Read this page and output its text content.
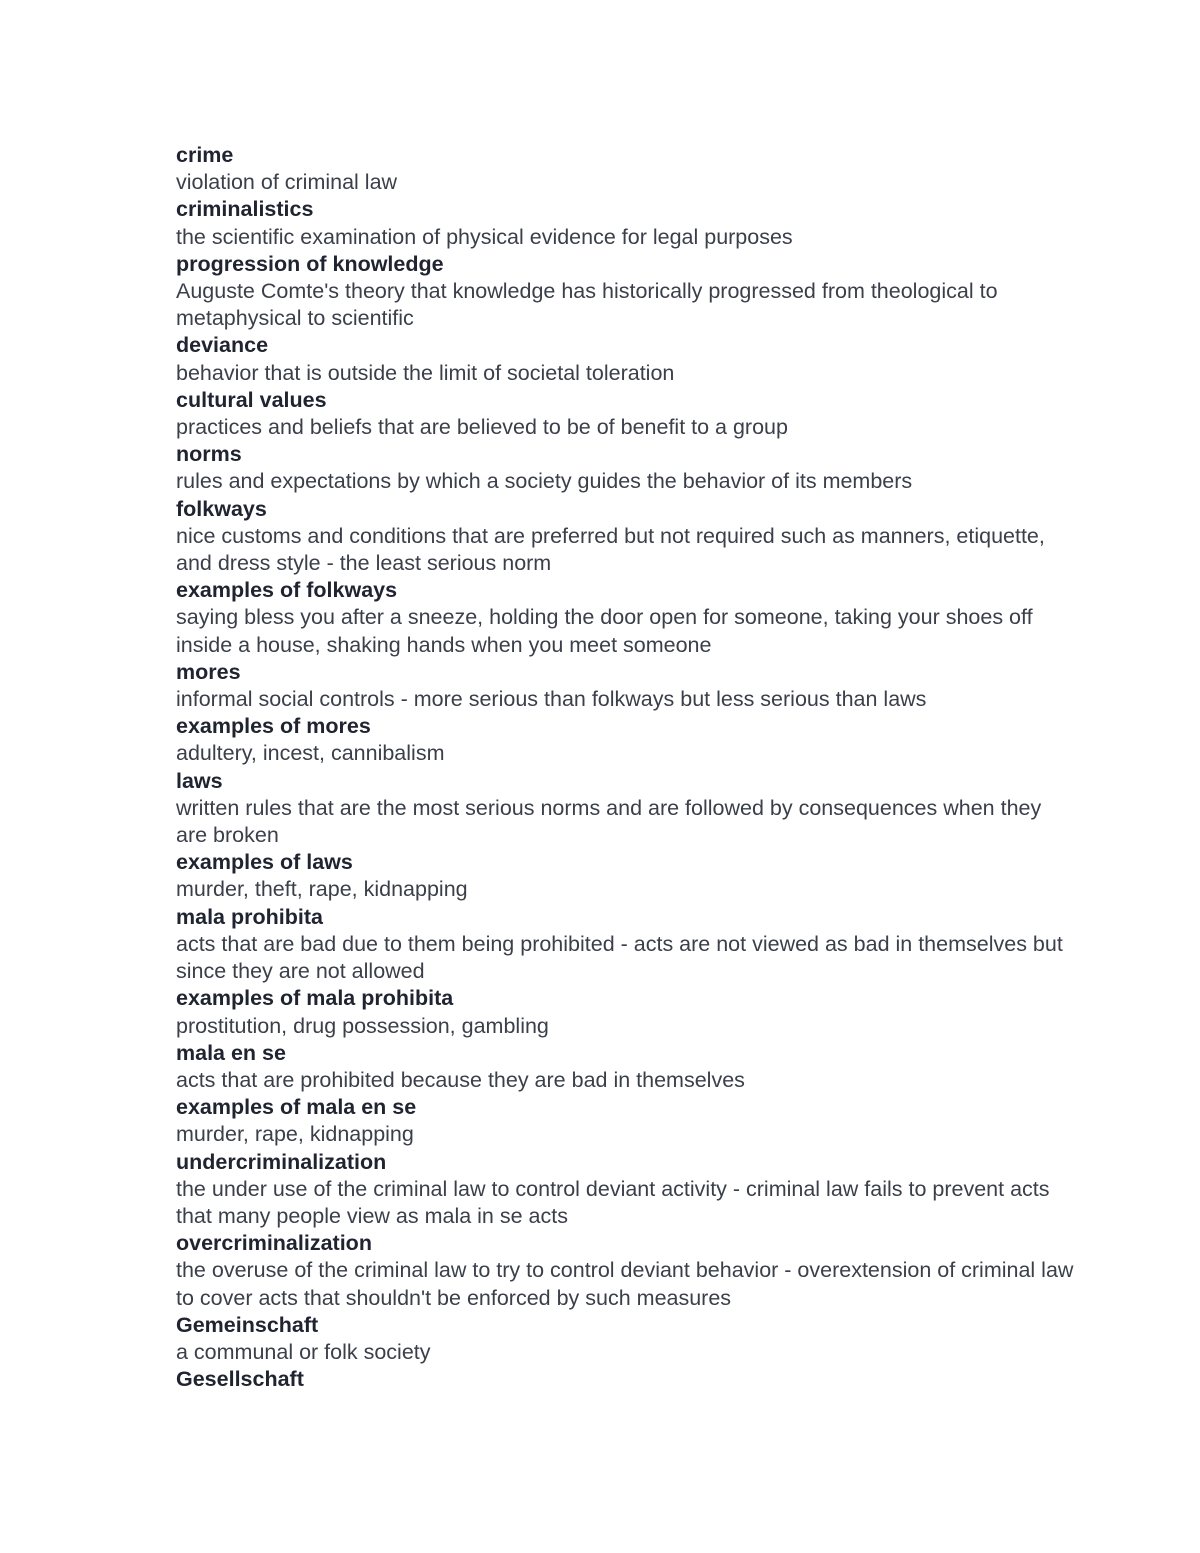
crime
violation of criminal law
criminalistics
the scientific examination of physical evidence for legal purposes
progression of knowledge
Auguste Comte's theory that knowledge has historically progressed from theological to metaphysical to scientific
deviance
behavior that is outside the limit of societal toleration
cultural values
practices and beliefs that are believed to be of benefit to a group
norms
rules and expectations by which a society guides the behavior of its members
folkways
nice customs and conditions that are preferred but not required such as manners, etiquette, and dress style - the least serious norm
examples of folkways
saying bless you after a sneeze, holding the door open for someone, taking your shoes off inside a house, shaking hands when you meet someone
mores
informal social controls - more serious than folkways but less serious than laws
examples of mores
adultery, incest, cannibalism
laws
written rules that are the most serious norms and are followed by consequences when they are broken
examples of laws
murder, theft, rape, kidnapping
mala prohibita
acts that are bad due to them being prohibited - acts are not viewed as bad in themselves but since they are not allowed
examples of mala prohibita
prostitution, drug possession, gambling
mala en se
acts that are prohibited because they are bad in themselves
examples of mala en se
murder, rape, kidnapping
undercriminalization
the under use of the criminal law to control deviant activity - criminal law fails to prevent acts that many people view as mala in se acts
overcriminalization
the overuse of the criminal law to try to control deviant behavior - overextension of criminal law to cover acts that shouldn't be enforced by such measures
Gemeinschaft
a communal or folk society
Gesellschaft
